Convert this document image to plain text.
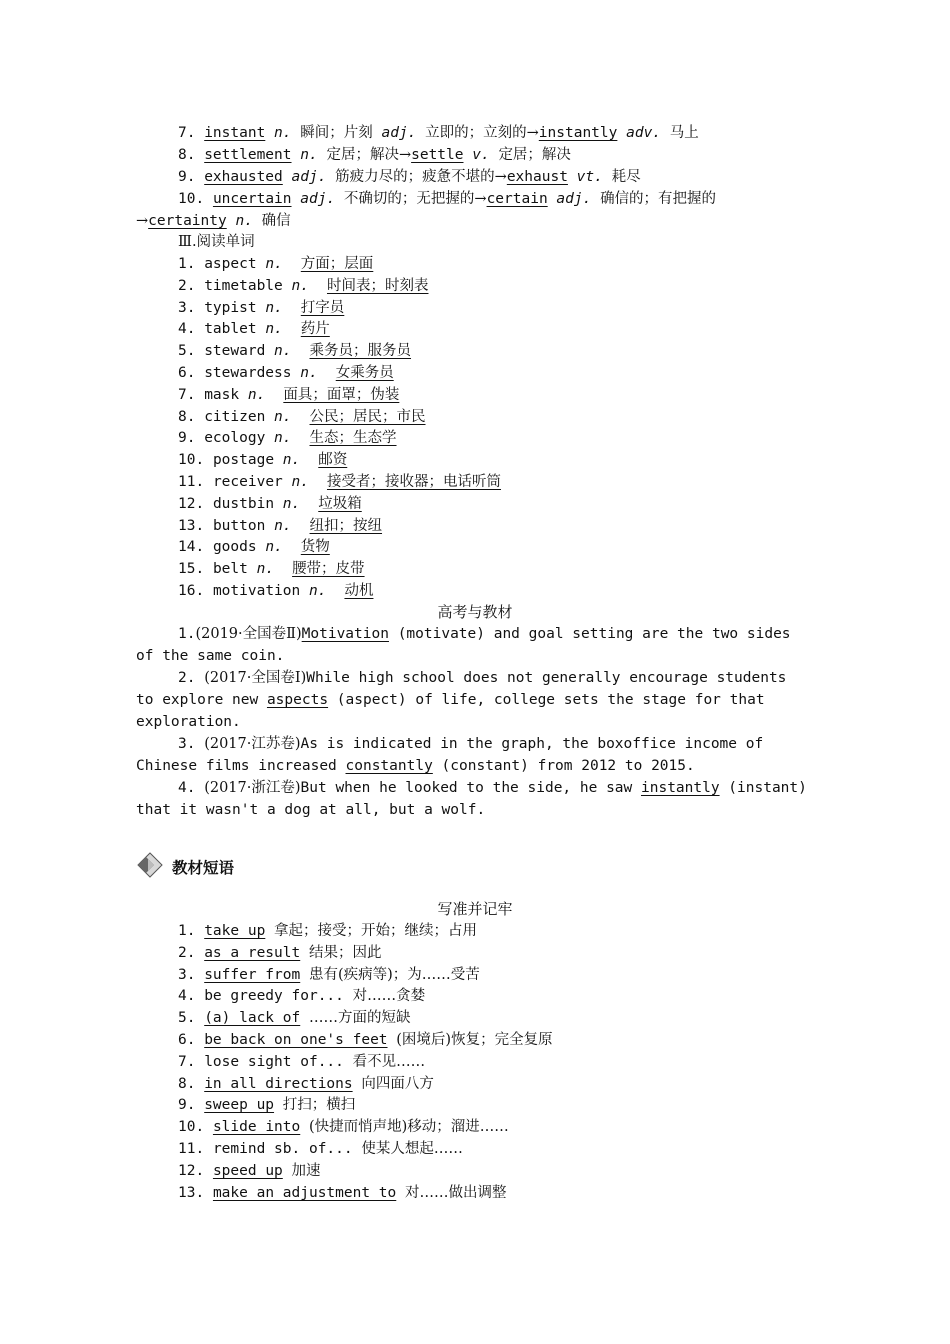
7. instant n. 瞬间；片刻 adj. 立即的；立刻的→instantly adv. 马上
8. settlement n. 定居；解决→settle v. 定居；解决
9. exhausted adj. 筋疲力尽的；疲惫不堪的→exhaust vt. 耗尽
10. uncertain adj. 不确切的；无把握的→certain adj. 确信的；有把握的
→certainty n. 确信
Ⅲ.阅读单词
1. aspect n. 方面；层面
2. timetable n. 时间表；时刻表
3. typist n. 打字员
4. tablet n. 药片
5. steward n. 乘务员；服务员
6. stewardess n. 女乘务员
7. mask n. 面具；面罩；伪装
8. citizen n. 公民；居民；市民
9. ecology n. 生态；生态学
10. postage n. 邮资
11. receiver n. 接受者；接收器；电话听筒
12. dustbin n. 垃圾箱
13. button n. 纽扣；按纽
14. goods n. 货物
15. belt n. 腰带；皮带
16. motivation n. 动机
高考与教材
1.(2019·全国卷Ⅱ)Motivation (motivate) and goal setting are the two sides
of the same coin.
2. (2017·全国卷Ⅰ)While high school does not generally encourage students
to explore new aspects (aspect) of life, college sets the stage for that
exploration.
3. (2017·江苏卷)As is indicated in the graph, the boxoffice income of
Chinese films increased constantly (constant) from 2012 to 2015.
4. (2017·浙江卷)But when he looked to the side, he saw instantly (instant)
that it wasn't a dog at all, but a wolf.
教材短语
写准并记牢
1. take up 拿起；接受；开始；继续；占用
2. as a result 结果；因此
3. suffer from 患有(疾病等)；为……受苦
4. be greedy for... 对……贪婪
5. (a) lack of ……方面的短缺
6. be back on one's feet (困境后)恢复；完全复原
7. lose sight of... 看不见……
8. in all directions 向四面八方
9. sweep up 打扫；横扫
10. slide into (快捷而悄声地)移动；溜进……
11. remind sb. of... 使某人想起……
12. speed up 加速
13. make an adjustment to 对……做出调整
